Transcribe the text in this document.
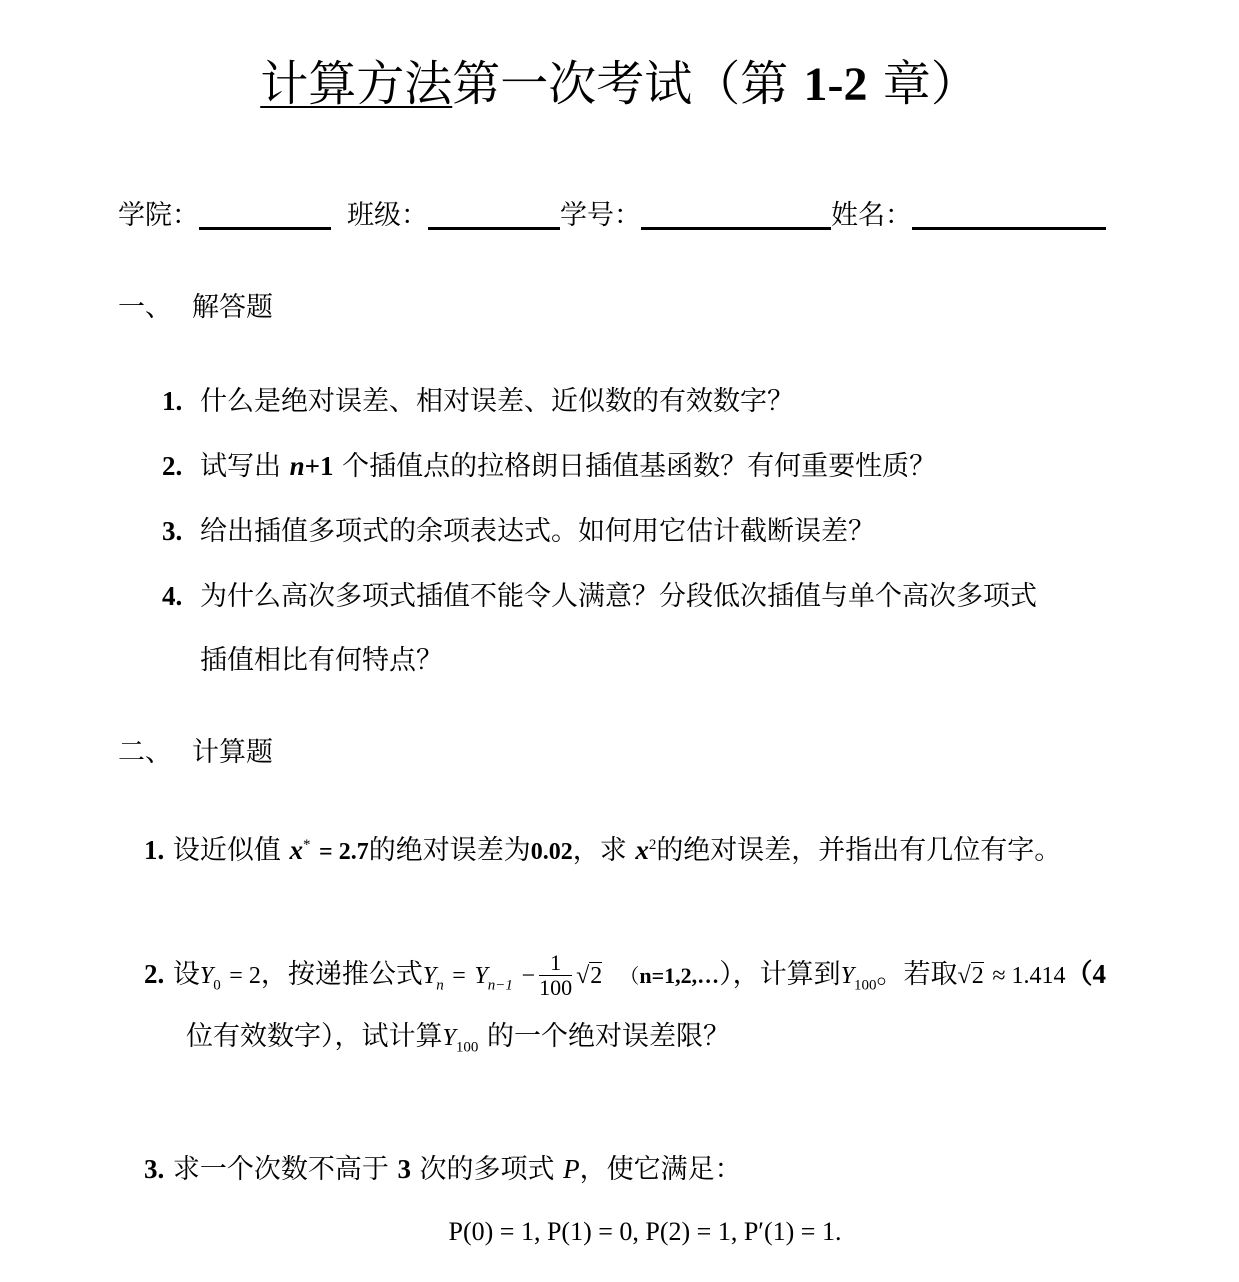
计算方法第一次考试（第 1-2 章）
学院：	班级：	学号：	姓名：
一、 解答题
1. 什么是绝对误差、相对误差、近似数的有效数字？
2. 试写出 n+1 个插值点的拉格朗日插值基函数？有何重要性质？
3. 给出插值多项式的余项表达式。如何用它估计截断误差？
4. 为什么高次多项式插值不能令人满意？分段低次插值与单个高次多项式
插值相比有何特点？
二、 计算题
1. 设近似值 x* = 2.7的绝对误差为0.02，求 $x^2$的绝对误差，并指出有几位有字。
2. 设$Y_0 = 2$，按递推公式$Y_n = Y_{n-1} - \frac{1}{100} √2$ （n=1,2,…），计算到$Y_{100}$。若取√2 ≈ 1.414（4
位有效数字），试计算$Y_{100}$ 的一个绝对误差限？
3. 求一个次数不高于 3 次的多项式 P，使它满足：
P(0) = 1, P(1) = 0, P(2) = 1, P′(1) = 1.
